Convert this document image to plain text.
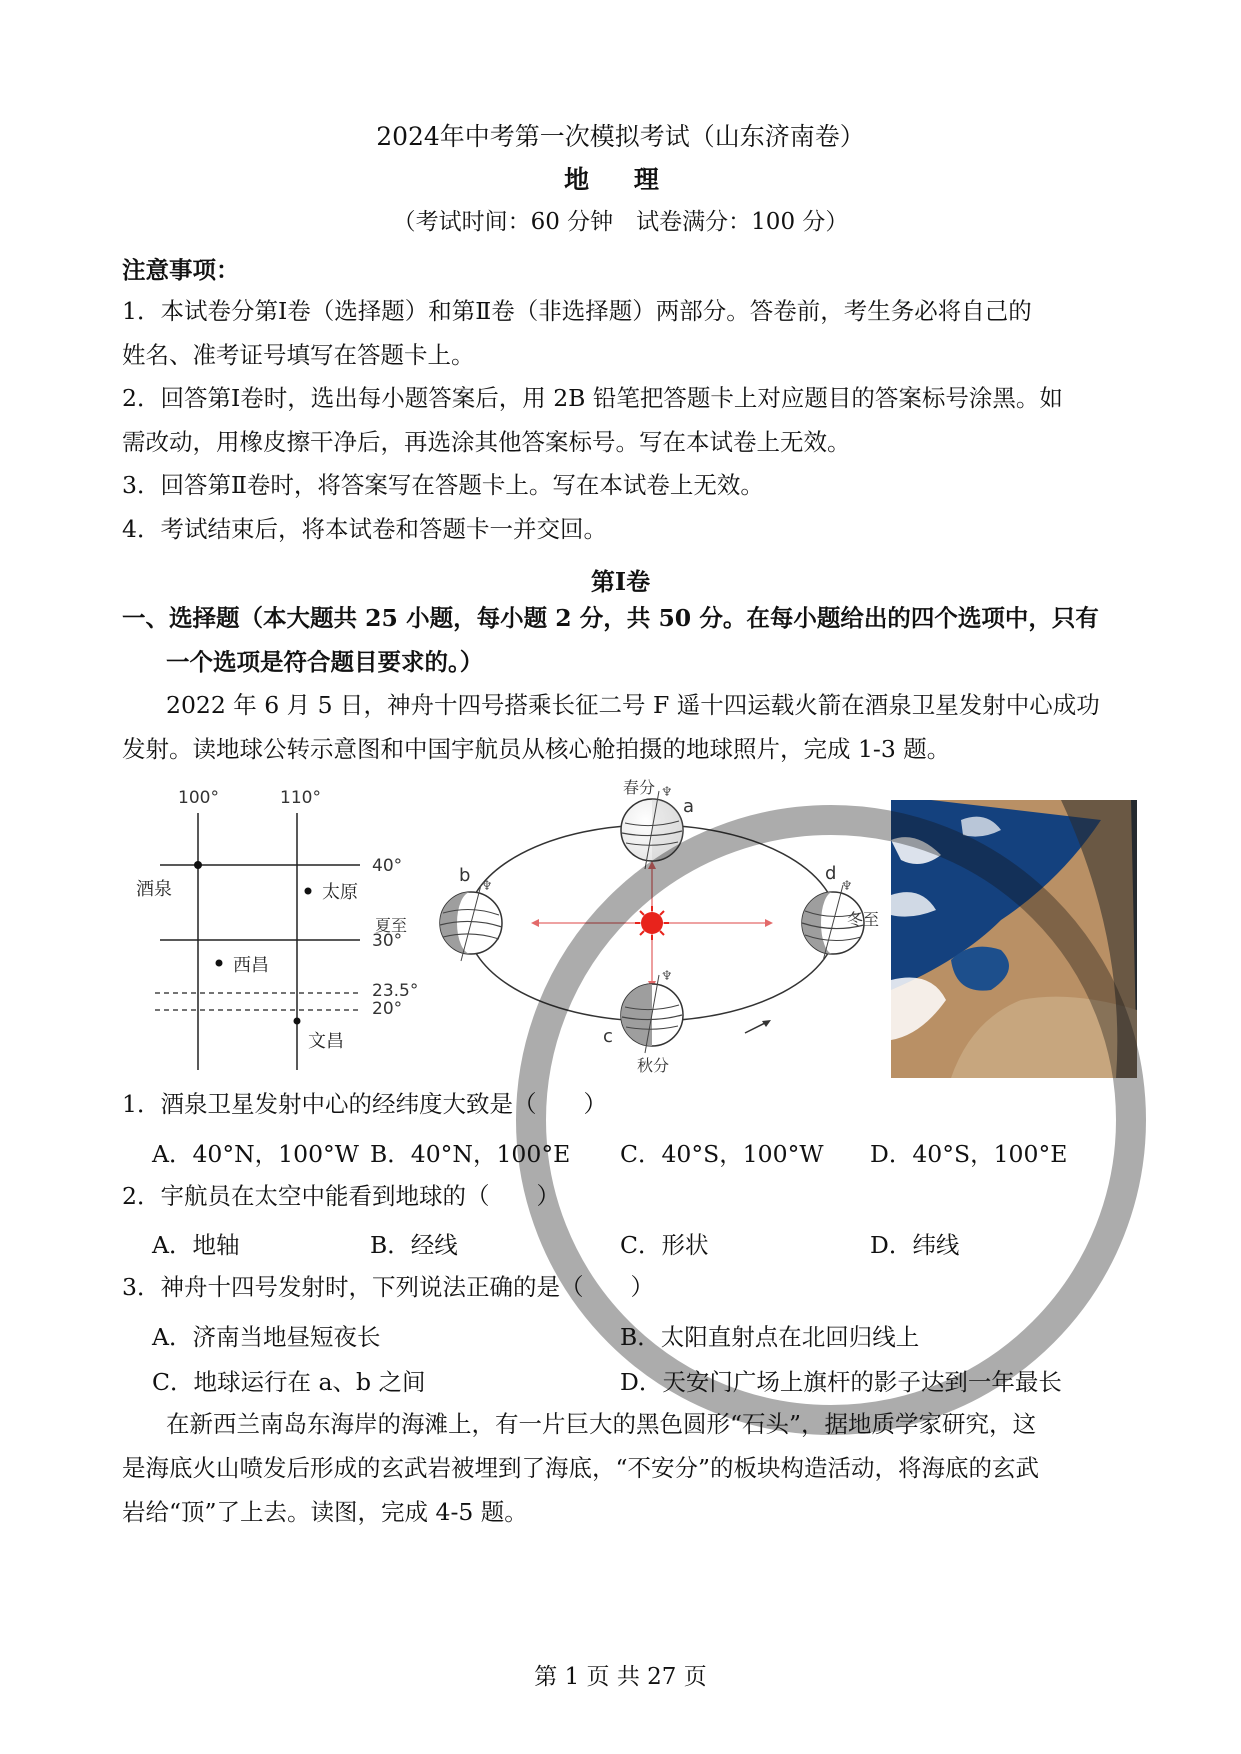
2024年中考第一次模拟考试（山东济南卷）
地 理
（考试时间：60 分钟　试卷满分：100 分）
注意事项：
1．本试卷分第Ⅰ卷（选择题）和第Ⅱ卷（非选择题）两部分。答卷前，考生务必将自己的
姓名、准考证号填写在答题卡上。
2．回答第Ⅰ卷时，选出每小题答案后，用 2B 铅笔把答题卡上对应题目的答案标号涂黑。如
需改动，用橡皮擦干净后，再选涂其他答案标号。写在本试卷上无效。
3．回答第Ⅱ卷时，将答案写在答题卡上。写在本试卷上无效。
4．考试结束后，将本试卷和答题卡一并交回。
第Ⅰ卷
一、选择题（本大题共 25 小题，每小题 2 分，共 50 分。在每小题给出的四个选项中，只有
一个选项是符合题目要求的。）
2022 年 6 月 5 日，神舟十四号搭乘长征二号 F 遥十四运载火箭在酒泉卫星发射中心成功
发射。读地球公转示意图和中国宇航员从核心舱拍摄的地球照片，完成 1-3 题。
100°	110°
40°
30°
23.5°
20°
酒泉	太原
西昌
文昌
♆
♆	♆
♆
春分
a
b
夏至
d
冬至
c
秋分
1．酒泉卫星发射中心的经纬度大致是（　　）
A．40°N，100°W B．40°N，100°E C．40°S，100°W D．40°S，100°E
2．宇航员在太空中能看到地球的（　　）
A．地轴	B．经线	C．形状	D．纬线
3．神舟十四号发射时，下列说法正确的是（　　）
A．济南当地昼短夜长	B．太阳直射点在北回归线上
C．地球运行在 a、b 之间	D．天安门广场上旗杆的影子达到一年最长
在新西兰南岛东海岸的海滩上，有一片巨大的黑色圆形“石头”，据地质学家研究，这
是海底火山喷发后形成的玄武岩被埋到了海底，“不安分”的板块构造活动，将海底的玄武
岩给“顶”了上去。读图，完成 4-5 题。
第 1 页 共 27 页
